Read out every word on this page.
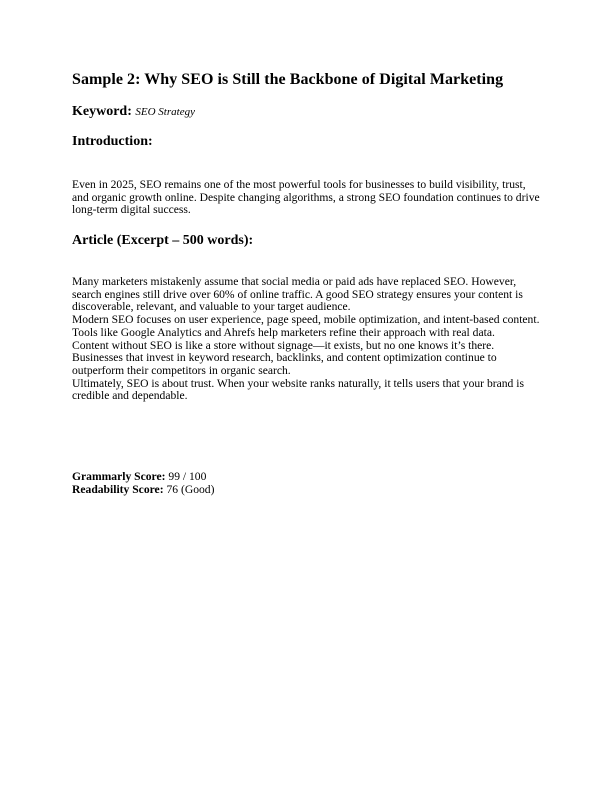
Sample 2: Why SEO is Still the Backbone of Digital Marketing
Keyword: SEO Strategy
Introduction:

Even in 2025, SEO remains one of the most powerful tools for businesses to build visibility, trust, and organic growth online. Despite changing algorithms, a strong SEO foundation continues to drive long-term digital success.

Article (Excerpt – 500 words):

Many marketers mistakenly assume that social media or paid ads have replaced SEO. However, search engines still drive over 60% of online traffic. A good SEO strategy ensures your content is discoverable, relevant, and valuable to your target audience.

Modern SEO focuses on user experience, page speed, mobile optimization, and intent-based content. Tools like Google Analytics and Ahrefs help marketers refine their approach with real data.

Content without SEO is like a store without signage—it exists, but no one knows it’s there. Businesses that invest in keyword research, backlinks, and content optimization continue to outperform their competitors in organic search.

Ultimately, SEO is about trust. When your website ranks naturally, it tells users that your brand is credible and dependable.

Grammarly Score: 99 / 100
Readability Score: 76 (Good)
